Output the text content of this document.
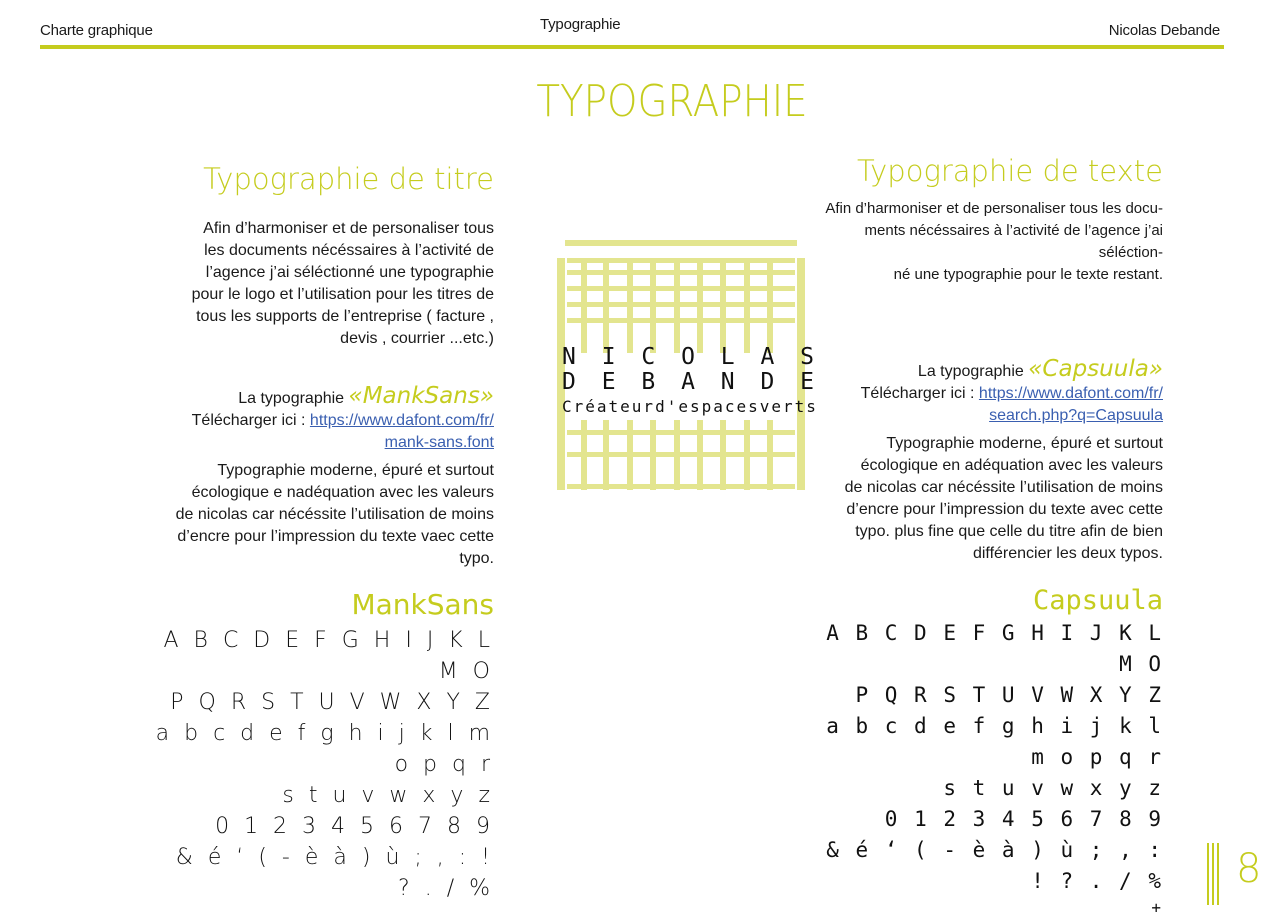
Charte graphique	Typographie	Nicolas Debande
TYPOGRAPHIE
Typographie de titre
Afin d’harmoniser et de personaliser tous
les documents nécéssaires à l’activité de
l’agence j’ai séléctionné une typographie
pour le logo et l’utilisation pour les titres de
tous les supports de l’entreprise ( facture ,
devis , courrier ...etc.)
La typographie «MankSans»
Télécharger ici : https://www.dafont.com/fr/
mank-sans.font
Typographie moderne, épuré et surtout
écologique e nadéquation avec les valeurs
de nicolas car nécéssite l’utilisation de moins
d’encre pour l’impression du texte vaec cette
typo.
MankSans
A B C D E F G H I J K L M O
P Q R S T U V W X Y Z
a b c d e f g h i j k l m o p q r
s t u v w x y z
0 1 2 3 4 5 6 7 8 9
& é ‘ ( - è à ) ù ; , : ! ? . / %
N I C O L A S
D E B A N D E
Créateurd'espacesverts
Typographie de texte
Afin d’harmoniser et de personaliser tous les docu-
ments nécéssaires à l’activité de l’agence j’ai séléction-
né une typographie pour le texte restant.
La typographie «Capsuula»
Télécharger ici : https://www.dafont.com/fr/
search.php?q=Capsuula
Typographie moderne, épuré et surtout
écologique en adéquation avec les valeurs
de nicolas car nécéssite l’utilisation de moins
d’encre pour l’impression du texte avec cette
typo. plus fine que celle du titre afin de bien
différencier les deux typos.
Capsuula
A B C D E F G H I J K L M O
P Q R S T U V W X Y Z
a b c d e f g h i j k l m o p q r
s t u v w x y z
0 1 2 3 4 5 6 7 8 9
& é ‘ ( - è à ) ù ; , : ! ? . / %
+
8
